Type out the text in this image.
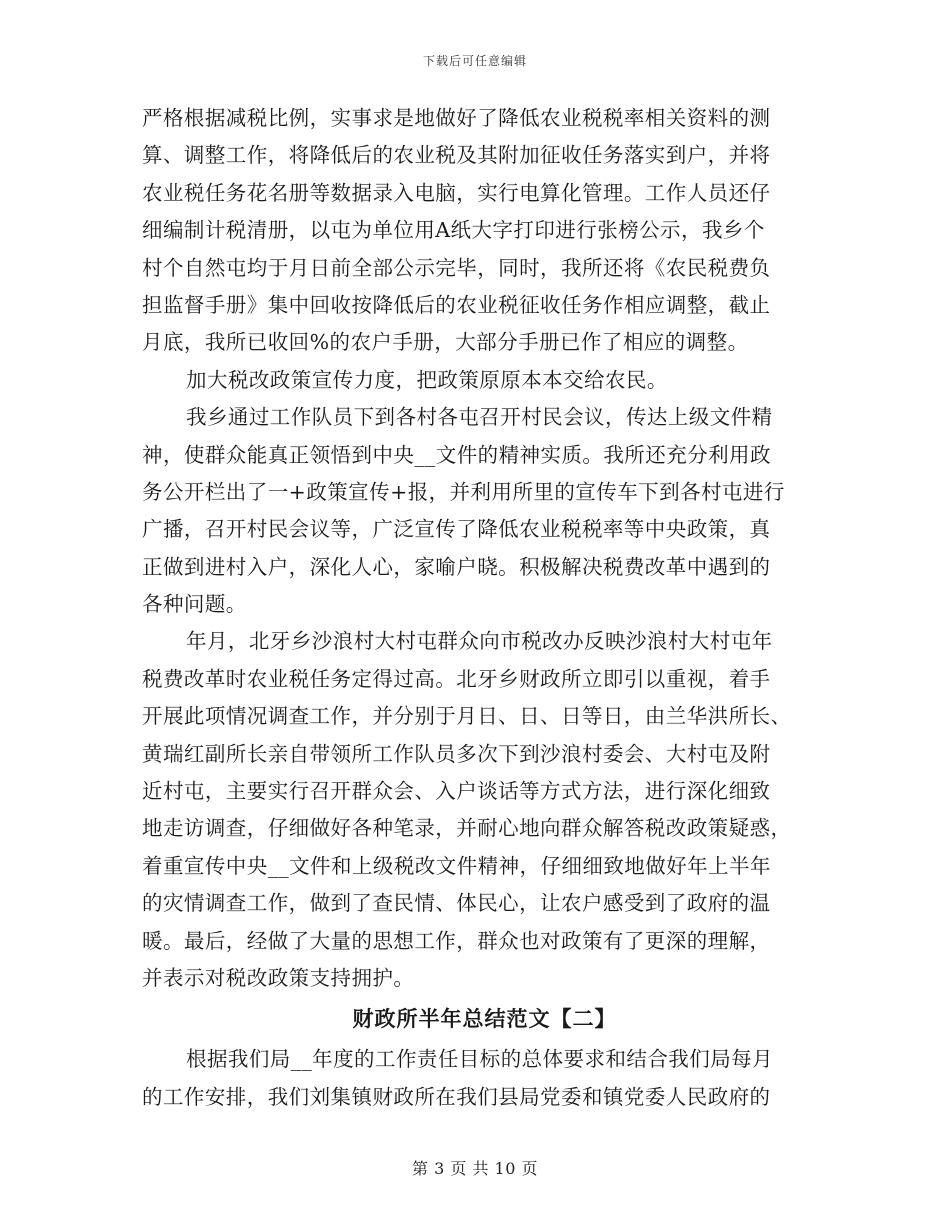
下载后可任意编辑
严格根据减税比例，实事求是地做好了降低农业税税率相关资料的测
算、调整工作，将降低后的农业税及其附加征收任务落实到户，并将
农业税任务花名册等数据录入电脑，实行电算化管理。工作人员还仔
细编制计税清册，以屯为单位用A纸大字打印进行张榜公示，我乡个
村个自然屯均于月日前全部公示完毕，同时，我所还将《农民税费负
担监督手册》集中回收按降低后的农业税征收任务作相应调整，截止
月底，我所已收回%的农户手册，大部分手册已作了相应的调整。
加大税改政策宣传力度，把政策原原本本交给农民。
我乡通过工作队员下到各村各屯召开村民会议，传达上级文件精
神，使群众能真正领悟到中央__文件的精神实质。我所还充分利用政
务公开栏出了一+政策宣传+报，并利用所里的宣传车下到各村屯进行
广播，召开村民会议等，广泛宣传了降低农业税税率等中央政策，真
正做到进村入户，深化人心，家喻户晓。积极解决税费改革中遇到的
各种问题。
年月，北牙乡沙浪村大村屯群众向市税改办反映沙浪村大村屯年
税费改革时农业税任务定得过高。北牙乡财政所立即引以重视，着手
开展此项情况调查工作，并分别于月日、日、日等日，由兰华洪所长、
黄瑞红副所长亲自带领所工作队员多次下到沙浪村委会、大村屯及附
近村屯，主要实行召开群众会、入户谈话等方式方法，进行深化细致
地走访调查，仔细做好各种笔录，并耐心地向群众解答税改政策疑惑，
着重宣传中央__文件和上级税改文件精神，仔细细致地做好年上半年
的灾情调查工作，做到了查民情、体民心，让农户感受到了政府的温
暖。最后，经做了大量的思想工作，群众也对政策有了更深的理解，
并表示对税改政策支持拥护。
财政所半年总结范文【二】
根据我们局__年度的工作责任目标的总体要求和结合我们局每月
的工作安排，我们刘集镇财政所在我们县局党委和镇党委人民政府的
第 3 页 共 10 页
